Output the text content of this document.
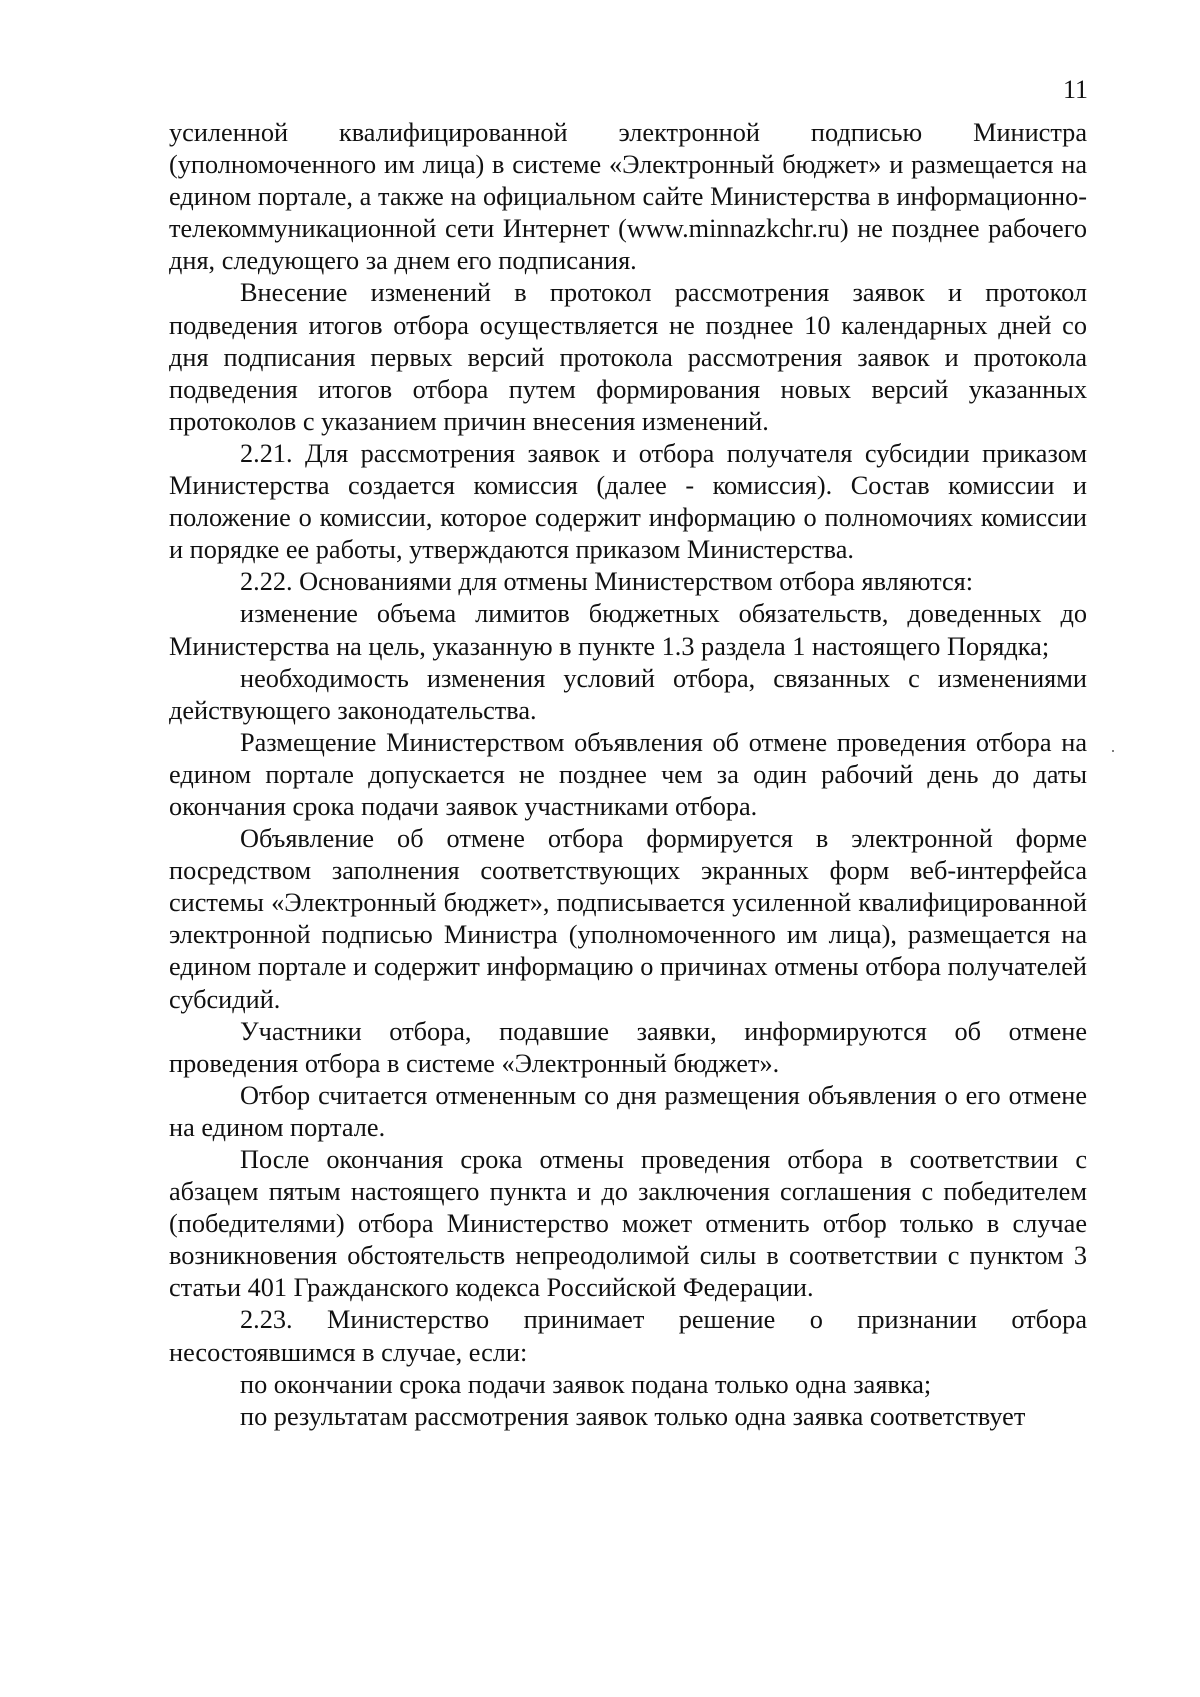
11

усиленной квалифицированной электронной подписью Министра (уполномоченного им лица) в системе «Электронный бюджет» и размещается на едином портале, а также на официальном сайте Министерства в информационно-телекоммуникационной сети Интернет (www.minnazkchr.ru) не позднее рабочего дня, следующего за днем его подписания.

Внесение изменений в протокол рассмотрения заявок и протокол подведения итогов отбора осуществляется не позднее 10 календарных дней со дня подписания первых версий протокола рассмотрения заявок и протокола подведения итогов отбора путем формирования новых версий указанных протоколов с указанием причин внесения изменений.

2.21. Для рассмотрения заявок и отбора получателя субсидии приказом Министерства создается комиссия (далее - комиссия). Состав комиссии и положение о комиссии, которое содержит информацию о полномочиях комиссии и порядке ее работы, утверждаются приказом Министерства.

2.22. Основаниями для отмены Министерством отбора являются:

изменение объема лимитов бюджетных обязательств, доведенных до Министерства на цель, указанную в пункте 1.3 раздела 1 настоящего Порядка;

необходимость изменения условий отбора, связанных с изменениями действующего законодательства.

Размещение Министерством объявления об отмене проведения отбора на едином портале допускается не позднее чем за один рабочий день до даты окончания срока подачи заявок участниками отбора.

Объявление об отмене отбора формируется в электронной форме посредством заполнения соответствующих экранных форм веб-интерфейса системы «Электронный бюджет», подписывается усиленной квалифицированной электронной подписью Министра (уполномоченного им лица), размещается на едином портале и содержит информацию о причинах отмены отбора получателей субсидий.

Участники отбора, подавшие заявки, информируются об отмене проведения отбора в системе «Электронный бюджет».

Отбор считается отмененным со дня размещения объявления о его отмене на едином портале.

После окончания срока отмены проведения отбора в соответствии с абзацем пятым настоящего пункта и до заключения соглашения с победителем (победителями) отбора Министерство может отменить отбор только в случае возникновения обстоятельств непреодолимой силы в соответствии с пунктом 3 статьи 401 Гражданского кодекса Российской Федерации.

2.23. Министерство принимает решение о признании отбора несостоявшимся в случае, если:

по окончании срока подачи заявок подана только одна заявка;

по результатам рассмотрения заявок только одна заявка соответствует
